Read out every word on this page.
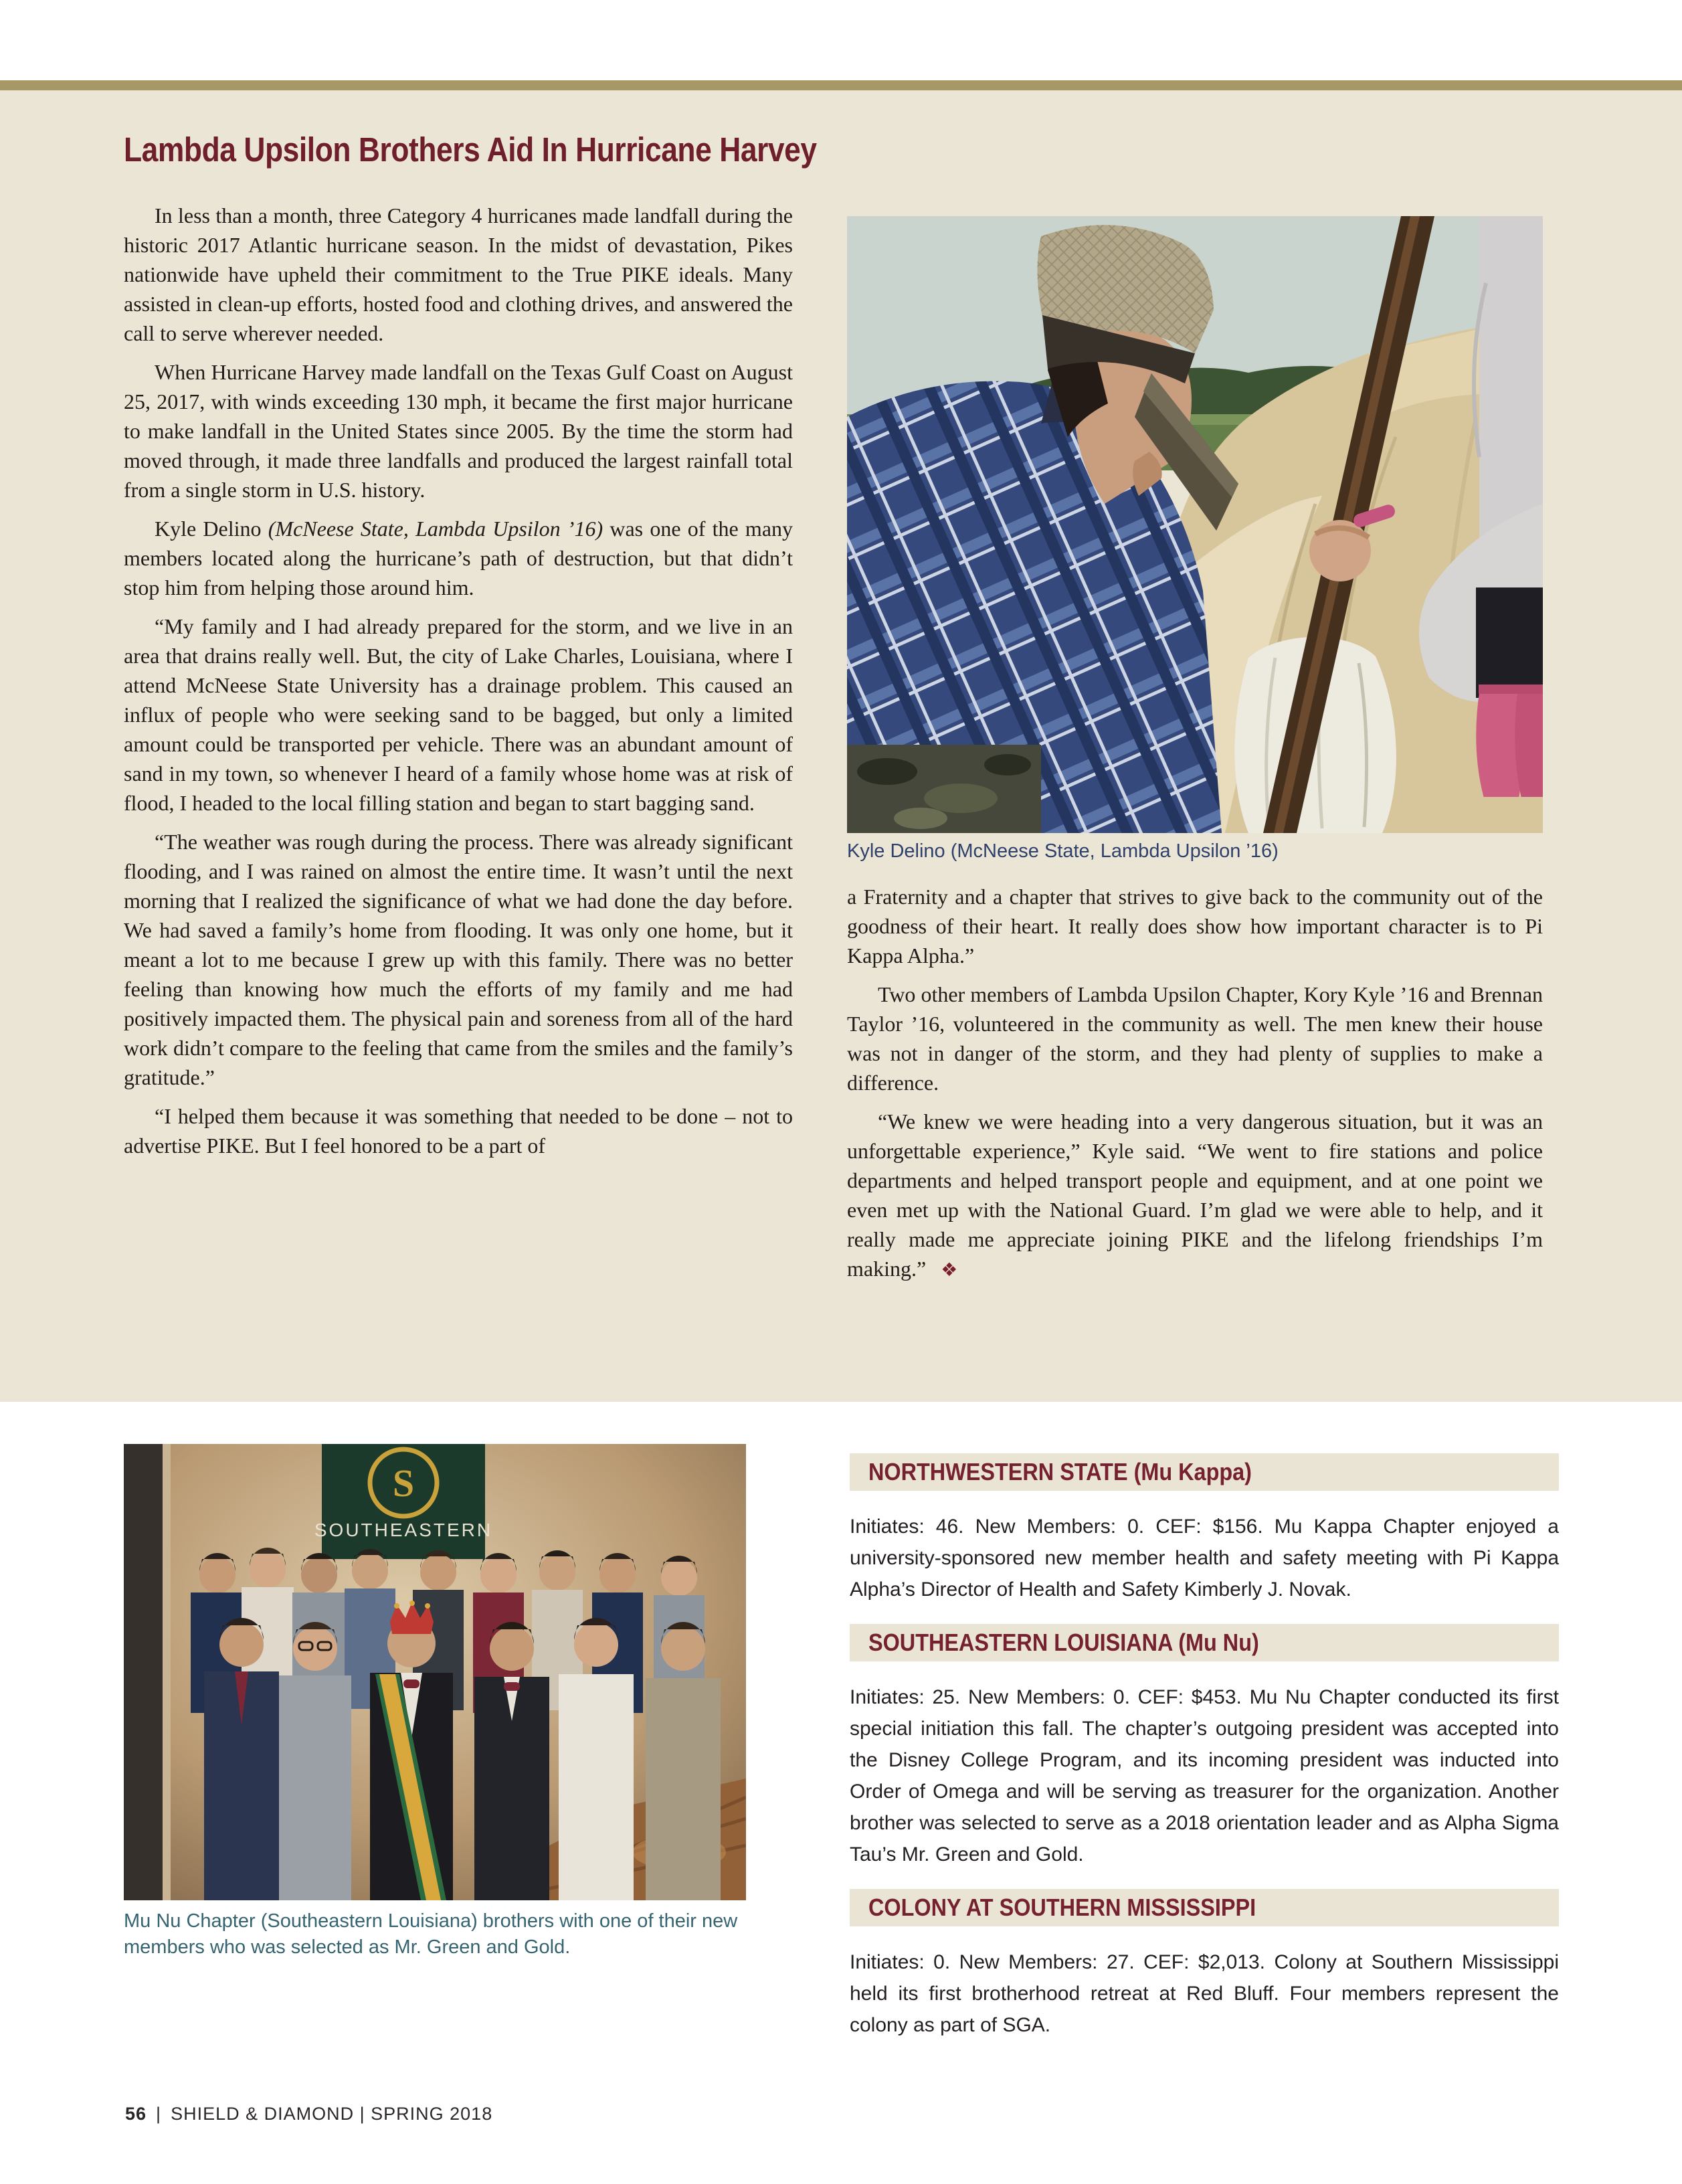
Lambda Upsilon Brothers Aid In Hurricane Harvey

In less than a month, three Category 4 hurricanes made landfall during the historic 2017 Atlantic hurricane season. In the midst of devastation, Pikes nationwide have upheld their commitment to the True PIKE ideals. Many assisted in clean-up efforts, hosted food and clothing drives, and answered the call to serve wherever needed.

When Hurricane Harvey made landfall on the Texas Gulf Coast on August 25, 2017, with winds exceeding 130 mph, it became the first major hurricane to make landfall in the United States since 2005. By the time the storm had moved through, it made three landfalls and produced the largest rainfall total from a single storm in U.S. history.

Kyle Delino (McNeese State, Lambda Upsilon ’16) was one of the many members located along the hurricane’s path of destruction, but that didn’t stop him from helping those around him.

“My family and I had already prepared for the storm, and we live in an area that drains really well. But, the city of Lake Charles, Louisiana, where I attend McNeese State University has a drainage problem. This caused an influx of people who were seeking sand to be bagged, but only a limited amount could be transported per vehicle. There was an abundant amount of sand in my town, so whenever I heard of a family whose home was at risk of flood, I headed to the local filling station and began to start bagging sand.

“The weather was rough during the process. There was already significant flooding, and I was rained on almost the entire time. It wasn’t until the next morning that I realized the significance of what we had done the day before. We had saved a family’s home from flooding. It was only one home, but it meant a lot to me because I grew up with this family. There was no better feeling than knowing how much the efforts of my family and me had positively impacted them. The physical pain and soreness from all of the hard work didn’t compare to the feeling that came from the smiles and the family’s gratitude.”

“I helped them because it was something that needed to be done – not to advertise PIKE. But I feel honored to be a part of

Kyle Delino (McNeese State, Lambda Upsilon ’16)

a Fraternity and a chapter that strives to give back to the community out of the goodness of their heart. It really does show how important character is to Pi Kappa Alpha.”

Two other members of Lambda Upsilon Chapter, Kory Kyle ’16 and Brennan Taylor ’16, volunteered in the community as well. The men knew their house was not in danger of the storm, and they had plenty of supplies to make a difference.

“We knew we were heading into a very dangerous situation, but it was an unforgettable experience,” Kyle said. “We went to fire stations and police departments and helped transport people and equipment, and at one point we even met up with the National Guard. I’m glad we were able to help, and it really made me appreciate joining PIKE and the lifelong friendships I’m making.” ❖

S
SOUTHEASTERN
Mu Nu Chapter (Southeastern Louisiana) brothers with one of their new members who was selected as Mr. Green and Gold.
NORTHWESTERN STATE (Mu Kappa)

Initiates: 46. New Members: 0. CEF: $156. Mu Kappa Chapter enjoyed a university-sponsored new member health and safety meeting with Pi Kappa Alpha’s Director of Health and Safety Kimberly J. Novak.

SOUTHEASTERN LOUISIANA (Mu Nu)

Initiates: 25. New Members: 0. CEF: $453. Mu Nu Chapter conducted its first special initiation this fall. The chapter’s outgoing president was accepted into the Disney College Program, and its incoming president was inducted into Order of Omega and will be serving as treasurer for the organization. Another brother was selected to serve as a 2018 orientation leader and as Alpha Sigma Tau’s Mr. Green and Gold.

COLONY AT SOUTHERN MISSISSIPPI

Initiates: 0. New Members: 27. CEF: $2,013. Colony at Southern Mississippi held its first brotherhood retreat at Red Bluff. Four members represent the colony as part of SGA.

56 | SHIELD & DIAMOND | SPRING 2018
